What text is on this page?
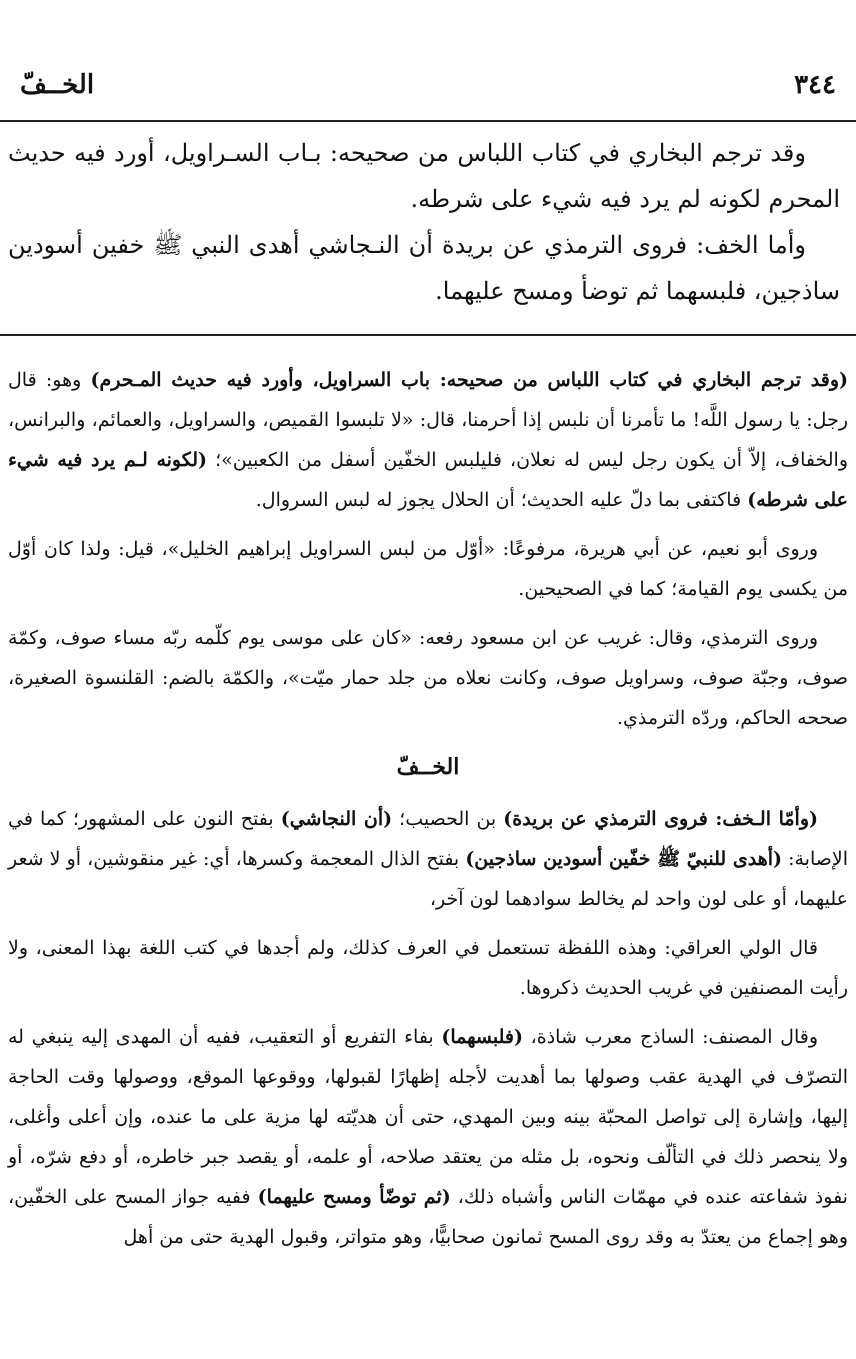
٣٤٤
الخــفّ

وقد ترجم البخاري في كتاب اللباس من صحيحه: بـاب السـراويل، أورد فيه حديث المحرم لكونه لم يرد فيه شيء على شرطه.

وأما الخف: فروى الترمذي عن بريدة أن النـجاشي أهدى النبي ﷺ خفين أسودين ساذجين، فلبسهما ثم توضأ ومسح عليهما.

(وقد ترجم البخاري في كتاب اللباس من صحيحه: باب السراويل، وأورد فيه حديث المـحرم) وهو: قال رجل: يا رسول اللَّه! ما تأمرنا أن نلبس إذا أحرمنا، قال: «لا تلبسوا القميص، والسراويل، والعمائم، والبرانس، والخفاف، إلاّ أن يكون رجل ليس له نعلان، فليلبس الخفّين أسفل من الكعبين»؛ (لكونه لـم يرد فيه شيء على شرطه) فاكتفى بما دلّ عليه الحديث؛ أن الحلال يجوز له لبس السروال.

وروى أبو نعيم، عن أبي هريرة، مرفوعًا: «أوّل من لبس السراويل إبراهيم الخليل»، قيل: ولذا كان أوّل من يكسى يوم القيامة؛ كما في الصحيحين.

وروى الترمذي، وقال: غريب عن ابن مسعود رفعه: «كان على موسى يوم كلّمه ربّه مساء صوف، وكمّة صوف، وجبّة صوف، وسراويل صوف، وكانت نعلاه من جلد حمار ميّت»، والكمّة بالضم: القلنسوة الصغيرة، صححه الحاكم، وردّه الترمذي.

الخــفّ

(وأمّا الـخف: فروى الترمذي عن بريدة) بن الحصيب؛ (أن النجاشي) بفتح النون على المشهور؛ كما في الإصابة: (أهدى للنبيّ ﷺ خفّين أسودين ساذجين) بفتح الذال المعجمة وكسرها، أي: غير منقوشين، أو لا شعر عليهما، أو على لون واحد لم يخالط سوادهما لون آخر،

قال الولي العراقي: وهذه اللفظة تستعمل في العرف كذلك، ولم أجدها في كتب اللغة بهذا المعنى، ولا رأيت المصنفين في غريب الحديث ذكروها.

وقال المصنف: الساذج معرب شاذة، (فلبسهما) بفاء التفريع أو التعقيب، ففيه أن المهدى إليه ينبغي له التصرّف في الهدية عقب وصولها بما أهديت لأجله إظهارًا لقبولها، ووقوعها الموقع، ووصولها وقت الحاجة إليها، وإشارة إلى تواصل المحبّة بينه وبين المهدي، حتى أن هديّته لها مزية على ما عنده، وإن أعلى وأغلى، ولا ينحصر ذلك في التألّف ونحوه، بل مثله من يعتقد صلاحه، أو علمه، أو يقصد جبر خاطره، أو دفع شرّه، أو نفوذ شفاعته عنده في مهمّات الناس وأشباه ذلك، (ثم توضّأ ومسح عليهما) ففيه جواز المسح على الخفّين، وهو إجماع من يعتدّ به وقد روى المسح ثمانون صحابيًّا، وهو متواتر، وقبول الهدية حتى من أهل
